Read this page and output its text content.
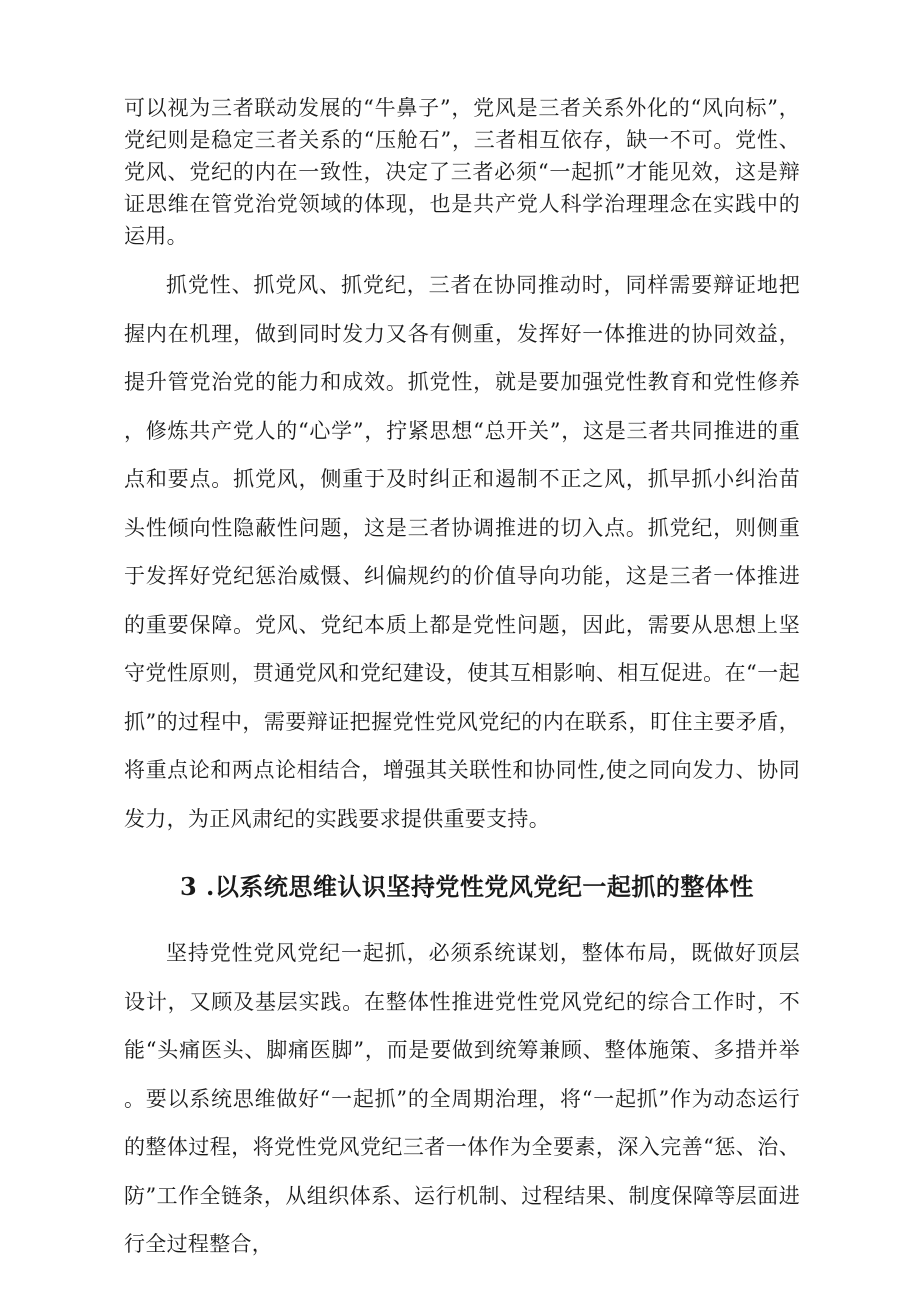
可以视为三者联动发展的“牛鼻子”，党风是三者关系外化的“风向标”，党纪则是稳定三者关系的“压舱石”，三者相互依存，缺一不可。党性、党风、党纪的内在一致性，决定了三者必须“一起抓”才能见效，这是辩证思维在管党治党领域的体现，也是共产党人科学治理理念在实践中的运用。

抓党性、抓党风、抓党纪，三者在协同推动时，同样需要辩证地把握内在机理，做到同时发力又各有侧重，发挥好一体推进的协同效益，提升管党治党的能力和成效。抓党性，就是要加强党性教育和党性修养，修炼共产党人的“心学”，拧紧思想“总开关”，这是三者共同推进的重点和要点。抓党风，侧重于及时纠正和遏制不正之风，抓早抓小纠治苗头性倾向性隐蔽性问题，这是三者协调推进的切入点。抓党纪，则侧重于发挥好党纪惩治威慑、纠偏规约的价值导向功能，这是三者一体推进的重要保障。党风、党纪本质上都是党性问题，因此，需要从思想上坚守党性原则，贯通党风和党纪建设，使其互相影响、相互促进。在“一起抓”的过程中，需要辩证把握党性党风党纪的内在联系，盯住主要矛盾，将重点论和两点论相结合，增强其关联性和协同性,使之同向发力、协同发力，为正风肃纪的实践要求提供重要支持。

3 .以系统思维认识坚持党性党风党纪一起抓的整体性

坚持党性党风党纪一起抓，必须系统谋划，整体布局，既做好顶层设计，又顾及基层实践。在整体性推进党性党风党纪的综合工作时，不能“头痛医头、脚痛医脚”，而是要做到统筹兼顾、整体施策、多措并举。要以系统思维做好“一起抓”的全周期治理，将“一起抓”作为动态运行的整体过程，将党性党风党纪三者一体作为全要素，深入完善“惩、治、防”工作全链条，从组织体系、运行机制、过程结果、制度保障等层面进行全过程整合，
